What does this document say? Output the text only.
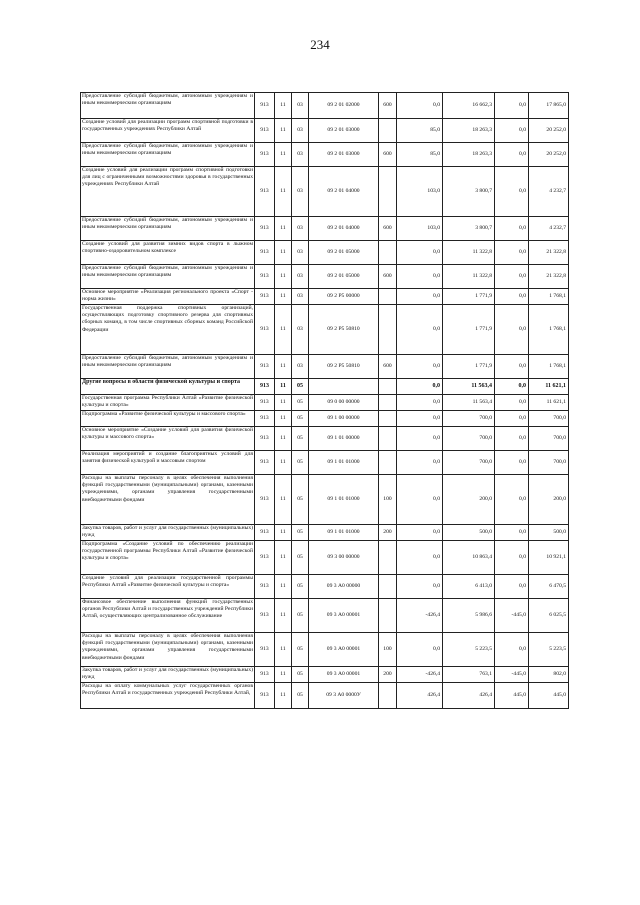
234
Предоставление субсидий бюджетным, автономным учреждениям и иным некоммерческим организациям	913	11	03	09 2 01 02000	600	0,0	16 662,3	0,0	17 865,0
Создание условий для реализации программ спортивной подготовки в государственных учреждениях Республики Алтай	913	11	03	09 2 01 03000		85,0	18 263,3	0,0	20 252,0
Предоставление субсидий бюджетным, автономным учреждениям и иным некоммерческим организациям	913	11	03	09 2 01 03000	600	85,0	18 263,3	0,0	20 252,0
Создание условий для реализации программ спортивной подготовки для лиц с ограниченными возможностями здоровья в государственных учреждениях Республики Алтай	913	11	03	09 2 01 04000		103,0	3 800,7	0,0	4 232,7
Предоставление субсидий бюджетным, автономным учреждениям и иным некоммерческим организациям	913	11	03	09 2 01 04000	600	103,0	3 800,7	0,0	4 232,7
Создание условий для развития зимних видов спорта в лыжном спортивно-оздоровительном комплексе	913	11	03	09 2 01 05000		0,0	11 322,8	0,0	21 322,8
Предоставление субсидий бюджетным, автономным учреждениям и иным некоммерческим организациям	913	11	03	09 2 01 05000	600	0,0	11 322,8	0,0	21 322,8
Основное мероприятие «Реализация регионального проекта «Спорт - норма жизни»	913	11	03	09 2 P5 00000		0,0	1 771,9	0,0	1 768,1
Государственная поддержка спортивных организаций, осуществляющих подготовку спортивного резерва для спортивных сборных команд, в том числе спортивных сборных команд Российской Федерации	913	11	03	09 2 P5 50810		0,0	1 771,9	0,0	1 768,1
Предоставление субсидий бюджетным, автономным учреждениям и иным некоммерческим организациям	913	11	03	09 2 P5 50810	600	0,0	1 771,9	0,0	1 768,1
Другие вопросы в области физической культуры и спорта	913	11	05			0,0	11 563,4	0,0	11 621,1
Государственная программа Республики Алтай «Развитие физической культуры и спорта»	913	11	05	09 0 00 00000		0,0	11 563,4	0,0	11 621,1
Подпрограмма «Развитие физической культуры и массового спорта»	913	11	05	09 1 00 00000		0,0	700,0	0,0	700,0
Основное мероприятие «Создание условий для развития физической культуры и массового спорта»	913	11	05	09 1 01 00000		0,0	700,0	0,0	700,0
Реализация мероприятий и создание благоприятных условий для занятия физической культурой и массовым спортом	913	11	05	09 1 01 01000		0,0	700,0	0,0	700,0
Расходы на выплаты персоналу в целях обеспечения выполнения функций государственными (муниципальными) органами, казенными учреждениями, органами управления государственными внебюджетными фондами	913	11	05	09 1 01 01000	100	0,0	200,0	0,0	200,0
Закупка товаров, работ и услуг для государственных (муниципальных) нужд	913	11	05	09 1 01 01000	200	0,0	500,0	0,0	500,0
Подпрограмма «Создание условий по обеспечению реализации государственной программы Республики Алтай «Развитие физической культуры и спорта»	913	11	05	09 3 00 00000		0,0	10 863,4	0,0	10 921,1
Создание условий для реализации государственной программы Республики Алтай «Развитие физической культуры и спорта»	913	11	05	09 3 А0 00000		0,0	6 413,0	0,0	6 470,5
Финансовое обеспечение выполнения функций государственных органов Республики Алтай и государственных учреждений Республики Алтай, осуществляющих централизованное обслуживание	913	11	05	09 3 А0 00001		-426,4	5 986,6	-445,0	6 025,5
Расходы на выплаты персоналу в целях обеспечения выполнения функций государственными (муниципальными) органами, казенными учреждениями, органами управления государственными внебюджетными фондами	913	11	05	09 3 А0 00001	100	0,0	5 223,5	0,0	5 223,5
Закупка товаров, работ и услуг для государственных (муниципальных) нужд	913	11	05	09 3 А0 00001	200	-426,4	763,1	-445,0	802,0
Расходы на оплату коммунальных услуг государственных органов Республики Алтай и государственных учреждений Республики Алтай,	913	11	05	09 3 А0 0000У		426,4	426,4	445,0	445,0
